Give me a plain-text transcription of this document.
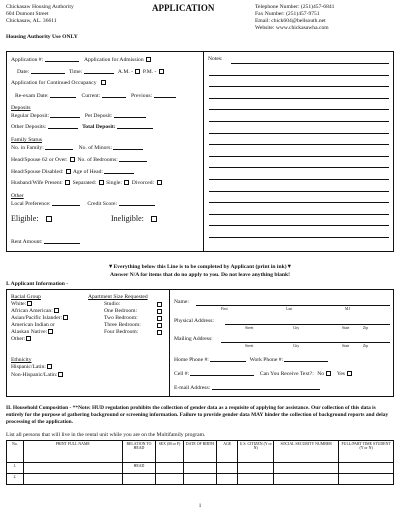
Chickasaw Housing Authority
604 Dumont Street
Chickasaw, AL. 36611
APPLICATION	Telephone Number: (251)457-6841
Fax Number: (251)457-9751
Email: chick604@bellsouth.net
Website: www.chickasawha.com
Housing Authority Use ONLY
Application #:	Application for Admission
Date:	Time:	A.M. - P.M. -
Application for Continued Occupancy
Re-exam Date:	Current:	Previous:
Deposits
Regular Deposit:	Pet Deposit:
Other Deposits:	Total Deposit:
Family Status
No. in Family:	No. of Minors:
Head/Spouse 62 or Over: No. of Bedrooms:
Head/Spouse Disabled: Age of Head:
Husband/Wife Present: Separated: Single: Divorced:
Other
Local Preference:	Credit Score:
Eligible:	Ineligible:
Rent Amount:
Notes:
▼Everything below this Line is to be completed by Applicant (print in ink)▼
Answer N/A for items that do no apply to you. Do not leave anything blank!
I. Applicant Information -
Racial Group
White:
African American:
Asian/Pacific Islander:
American Indian or
Alaskan Native:
Other:
Apartment Size Requested
Studio:
One Bedroom:
Two Bedroom:
Three Bedroom:
Four Bedroom:
Ethnicity
Hispanic/Latin:
Non-Hispanic/Latin:
Name:
First	Last	M.I
Physical Address:
Street	City	State	Zip
Mailing Address:
Street	City	State	Zip
Home Phone #:	Work Phone #:
Cell #:	Can You Receive Text?: No Yes
E-mail Address:
II. Household Composition - **Note: HUD regulation prohibits the collection of gender data as a requisite of applying for assistance. Our collection of this data is entirely for the purpose of gathering background or screening information. Failure to provide gender data MAY hinder the collection of background reports and delay processing of the application.
List all persons that will live in the rental unit while you are on the Multifamily program.
No.	PRINT FULL NAME	RELATION TO HEAD	SEX (M or F)	DATE OF BIRTH	AGE	U.S. CITIZEN (Y or N)	SOCIAL SECURITY NUMBER	FULL/PART TIME STUDENT (Y or N)
1.		HEAD						
2.								
1
